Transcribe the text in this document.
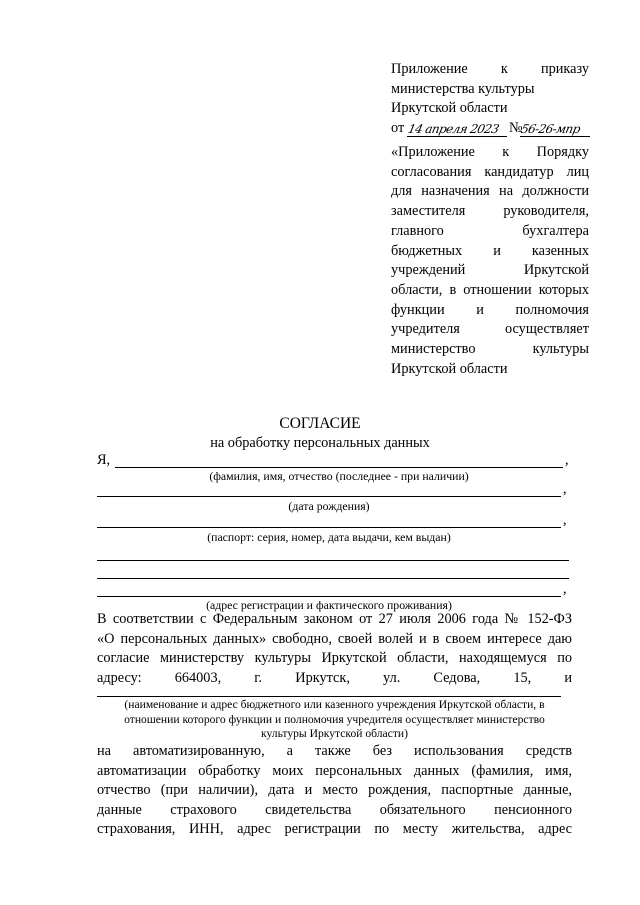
Приложение к приказу
министерства культуры
Иркутской области
от 14 апреля 2023 №
56-26-мпр
«Приложение к Порядку
согласования кандидатур лиц
для назначения на должности
заместителя руководителя,
главного бухгалтера
бюджетных и казенных
учреждений Иркутской
области, в отношении которых
функции и полномочия
учредителя осуществляет
министерство культуры
Иркутской области
СОГЛАСИЕ
на обработку персональных данных
Я,	,
(фамилия, имя, отчество (последнее - при наличии)
,
(дата рождения)
,
(паспорт: серия, номер, дата выдачи, кем выдан)
,
(адрес регистрации и фактического проживания)
В соответствии с Федеральным законом от 27 июля 2006 года № 152-ФЗ
«О персональных данных» свободно, своей волей и в своем интересе даю
согласие министерству культуры Иркутской области, находящемуся по
адресу: 664003, г. Иркутск, ул. Седова, 15, и
(наименование и адрес бюджетного или казенного учреждения Иркутской области, в
отношении которого функции и полномочия учредителя осуществляет министерство
культуры Иркутской области)
на автоматизированную, а также без использования средств
автоматизации обработку моих персональных данных (фамилия, имя,
отчество (при наличии), дата и место рождения, паспортные данные,
данные страхового свидетельства обязательного пенсионного
страхования, ИНН, адрес регистрации по месту жительства, адрес
